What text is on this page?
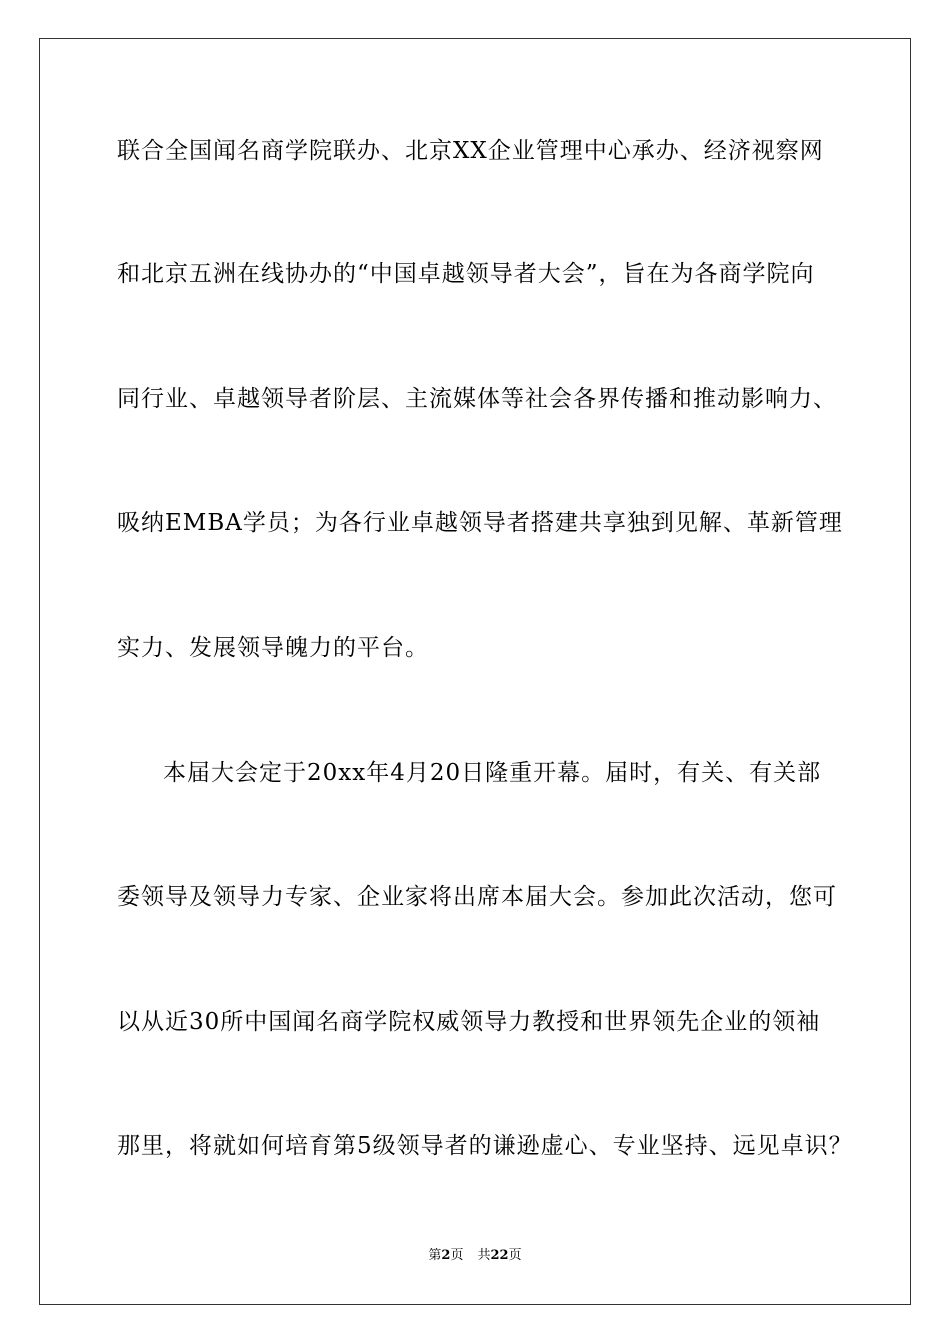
联合全国闻名商学院联办、北京XX企业管理中心承办、经济视察网
和北京五洲在线协办的“中国卓越领导者大会”，旨在为各商学院向
同行业、卓越领导者阶层、主流媒体等社会各界传播和推动影响力、
吸纳EMBA学员；为各行业卓越领导者搭建共享独到见解、革新管理
实力、发展领导魄力的平台。
本届大会定于20xx年4月20日隆重开幕。届时，有关、有关部
委领导及领导力专家、企业家将出席本届大会。参加此次活动，您可
以从近30所中国闻名商学院权威领导力教授和世界领先企业的领袖
那里，将就如何培育第5级领导者的谦逊虚心、专业坚持、远见卓识？
第2页 共22页
